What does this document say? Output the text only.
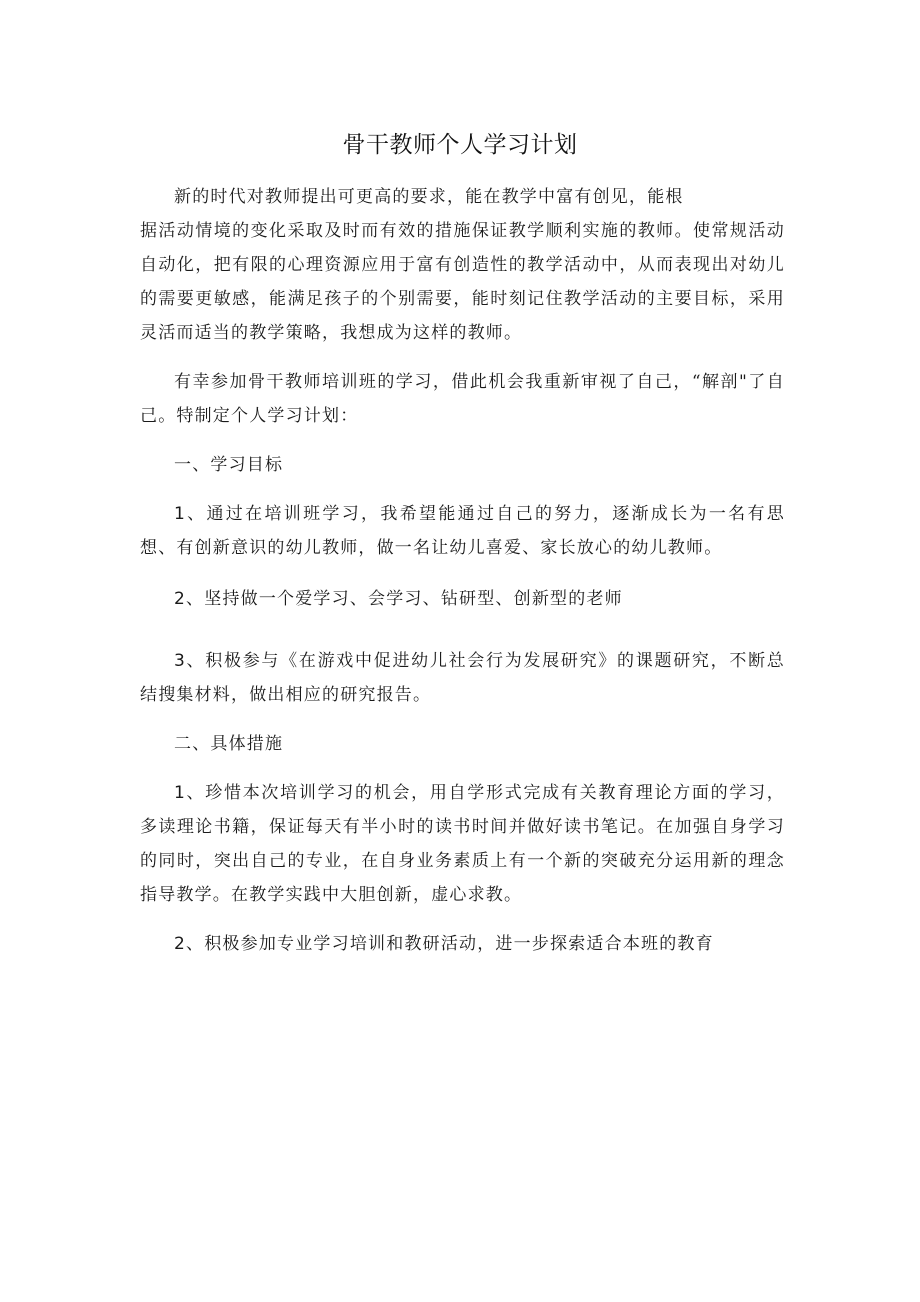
骨干教师个人学习计划

新的时代对教师提出可更高的要求，能在教学中富有创见，能根

据活动情境的变化采取及时而有效的措施保证教学顺利实施的教师。使常规活动自动化，把有限的心理资源应用于富有创造性的教学活动中，从而表现出对幼儿的需要更敏感，能满足孩子的个别需要，能时刻记住教学活动的主要目标，采用灵活而适当的教学策略，我想成为这样的教师。

有幸参加骨干教师培训班的学习，借此机会我重新审视了自己，“解剖"了自己。特制定个人学习计划：

一、学习目标

1、通过在培训班学习，我希望能通过自己的努力，逐渐成长为一名有思想、有创新意识的幼儿教师，做一名让幼儿喜爱、家长放心的幼儿教师。

2、坚持做一个爱学习、会学习、钻研型、创新型的老师

3、积极参与《在游戏中促进幼儿社会行为发展研究》的课题研究，不断总结搜集材料，做出相应的研究报告。

二、具体措施

1、珍惜本次培训学习的机会，用自学形式完成有关教育理论方面的学习，多读理论书籍，保证每天有半小时的读书时间并做好读书笔记。在加强自身学习的同时，突出自己的专业，在自身业务素质上有一个新的突破充分运用新的理念指导教学。在教学实践中大胆创新，虚心求教。

2、积极参加专业学习培训和教研活动，进一步探索适合本班的教育
